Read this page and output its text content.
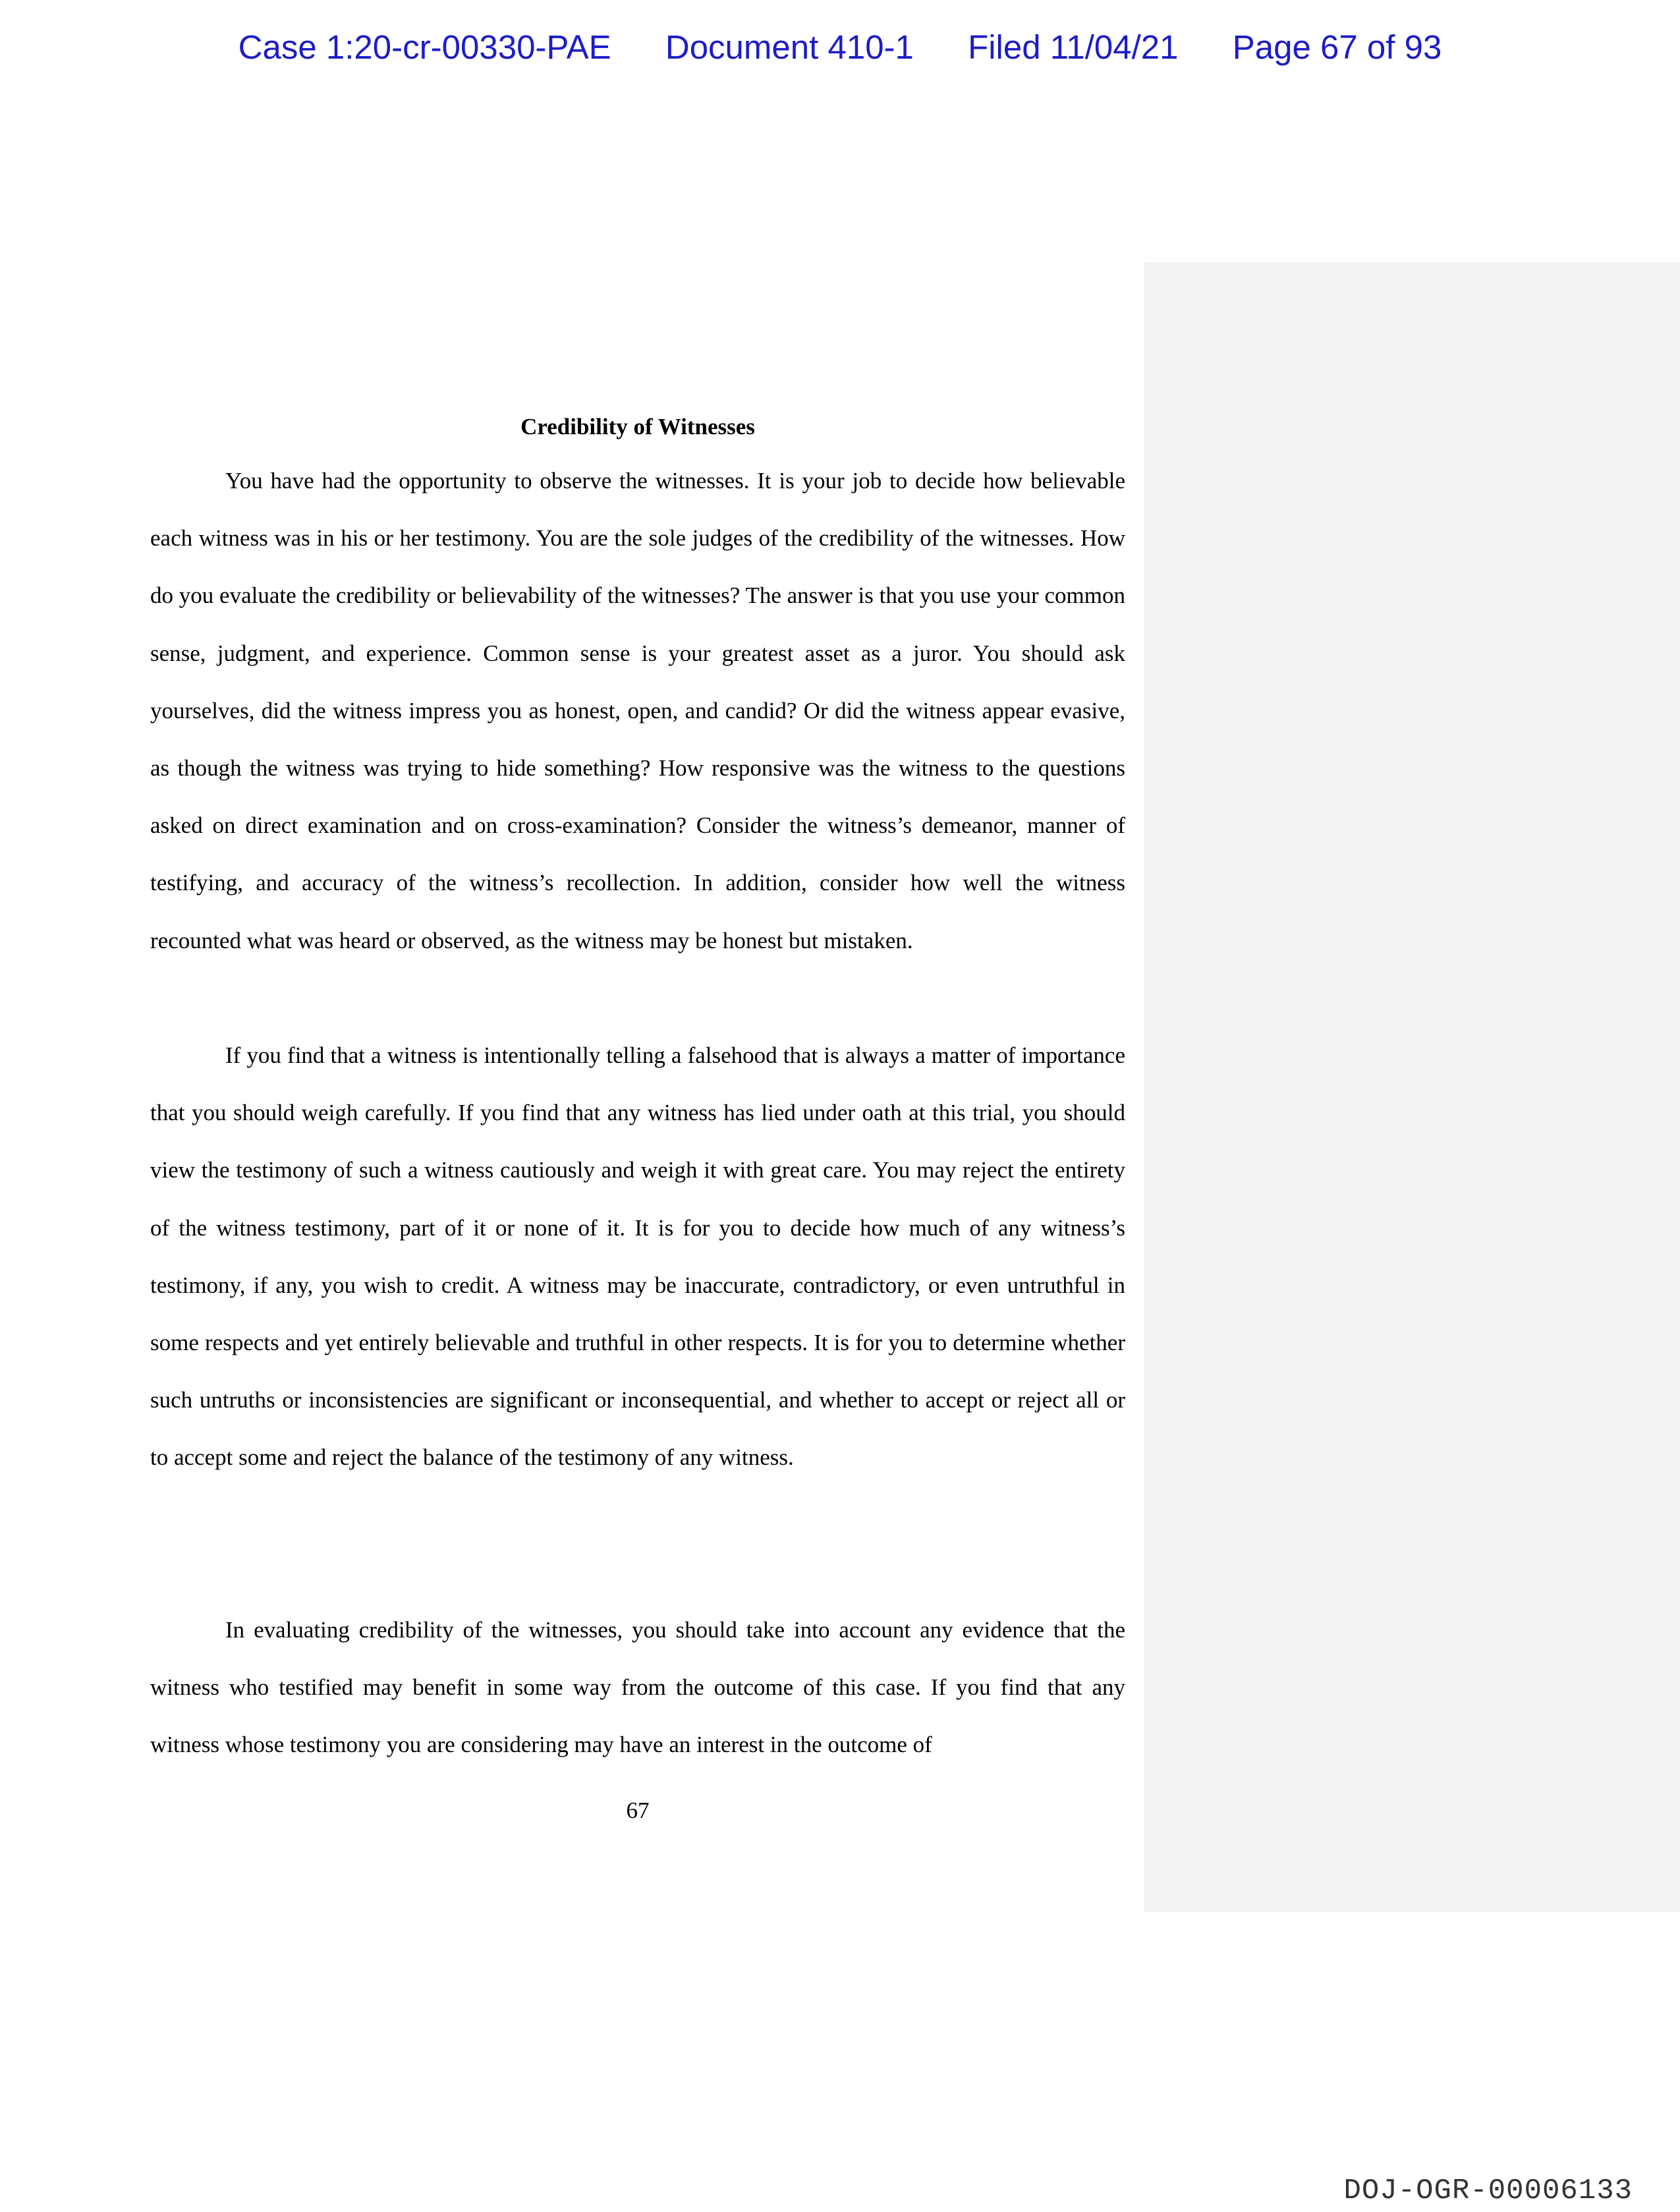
Case 1:20-cr-00330-PAE Document 410-1 Filed 11/04/21 Page 67 of 93
Credibility of Witnesses

You have had the opportunity to observe the witnesses. It is your job to decide how believable each witness was in his or her testimony. You are the sole judges of the credibility of the witnesses. How do you evaluate the credibility or believability of the witnesses? The answer is that you use your common sense, judgment, and experience. Common sense is your greatest asset as a juror. You should ask yourselves, did the witness impress you as honest, open, and candid? Or did the witness appear evasive, as though the witness was trying to hide something? How responsive was the witness to the questions asked on direct examination and on cross-examination? Consider the witness’s demeanor, manner of testifying, and accuracy of the witness’s recollection. In addition, consider how well the witness recounted what was heard or observed, as the witness may be honest but mistaken.

If you find that a witness is intentionally telling a falsehood that is always a matter of importance that you should weigh carefully. If you find that any witness has lied under oath at this trial, you should view the testimony of such a witness cautiously and weigh it with great care. You may reject the entirety of the witness testimony, part of it or none of it. It is for you to decide how much of any witness’s testimony, if any, you wish to credit. A witness may be inaccurate, contradictory, or even untruthful in some respects and yet entirely believable and truthful in other respects. It is for you to determine whether such untruths or inconsistencies are significant or inconsequential, and whether to accept or reject all or to accept some and reject the balance of the testimony of any witness.

In evaluating credibility of the witnesses, you should take into account any evidence that the witness who testified may benefit in some way from the outcome of this case. If you find that any witness whose testimony you are considering may have an interest in the outcome of

67
DOJ-OGR-00006133
